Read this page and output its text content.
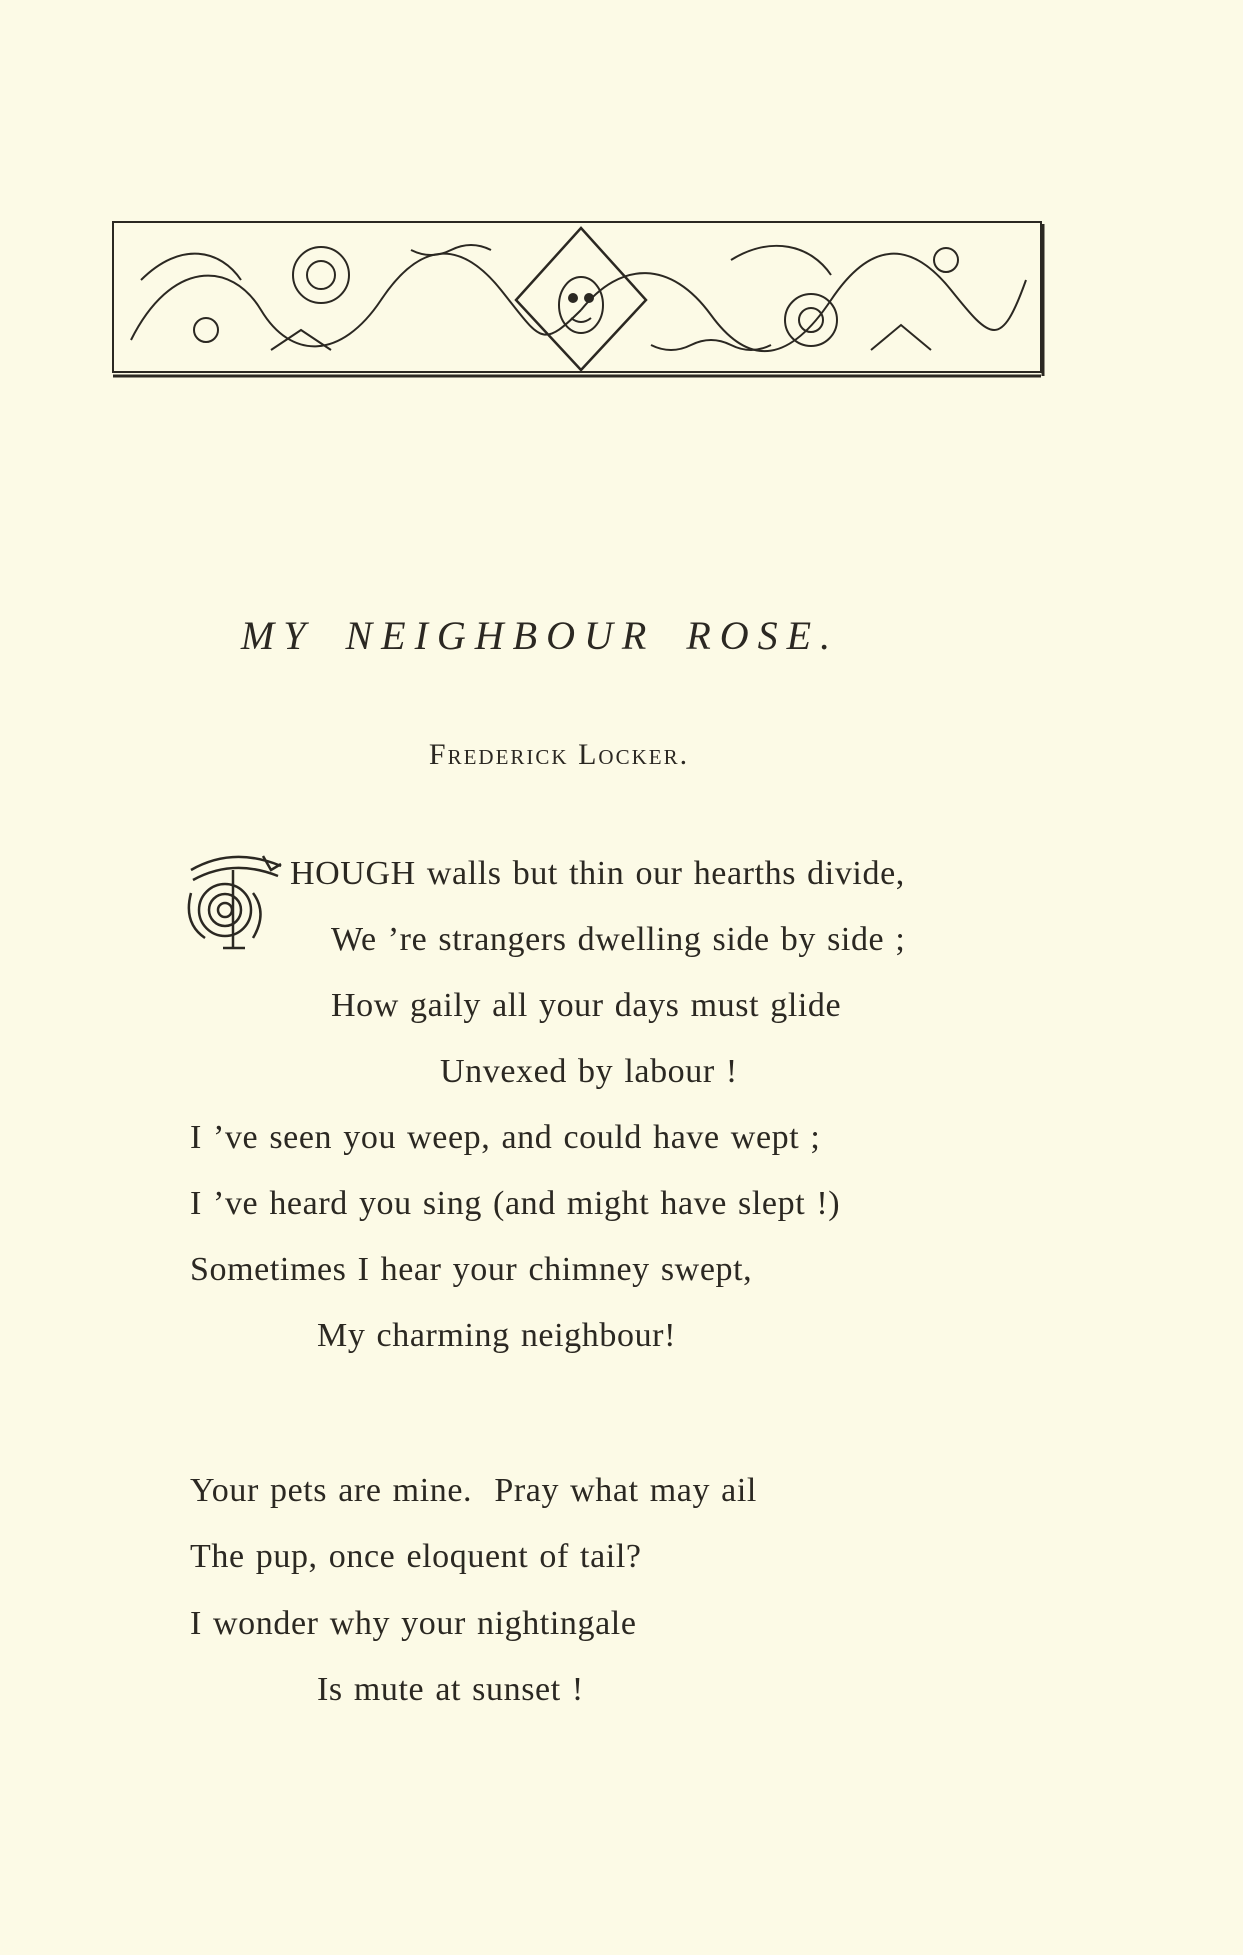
MY NEIGHBOUR ROSE.
Frederick Locker.
HOUGH walls but thin our hearths divide,
We ’re strangers dwelling side by side ;
How gaily all your days must glide
Unvexed by labour !
I ’ve seen you weep, and could have wept ;
I ’ve heard you sing (and might have slept !)
Sometimes I hear your chimney swept,
My charming neighbour!
Your pets are mine.  Pray what may ail
The pup, once eloquent of tail?
I wonder why your nightingale
Is mute at sunset !
